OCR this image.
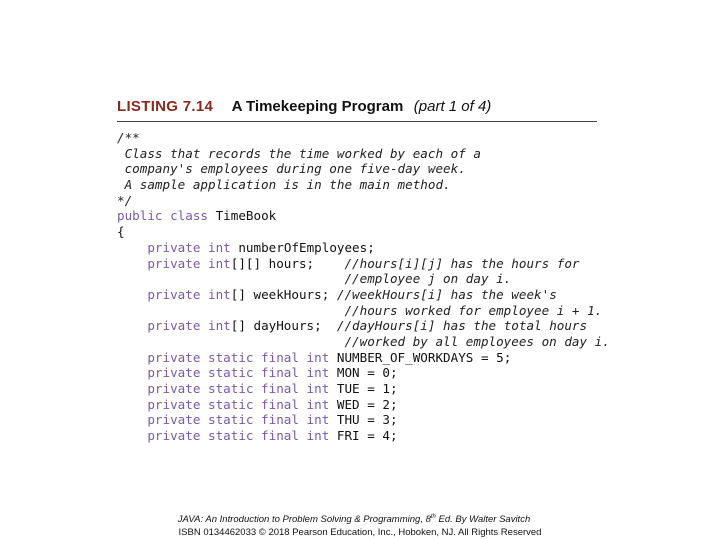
LISTING 7.14 A Timekeeping Program (part 1 of 4)
/**
Class that records the time worked by each of a
company's employees during one five-day week.
A sample application is in the main method.
*/
public class TimeBook
{
private int numberOfEmployees;
private int[][] hours;    //hours[i][j] has the hours for
//employee j on day i.
private int[] weekHours; //weekHours[i] has the week's
//hours worked for employee i + 1.
private int[] dayHours;  //dayHours[i] has the total hours
//worked by all employees on day i.
private static final int NUMBER_OF_WORKDAYS = 5;
private static final int MON = 0;
private static final int TUE = 1;
private static final int WED = 2;
private static final int THU = 3;
private static final int FRI = 4;
JAVA: An Introduction to Problem Solving & Programming, 8th Ed. By Walter Savitch
ISBN 0134462033 © 2018 Pearson Education, Inc., Hoboken, NJ. All Rights Reserved
